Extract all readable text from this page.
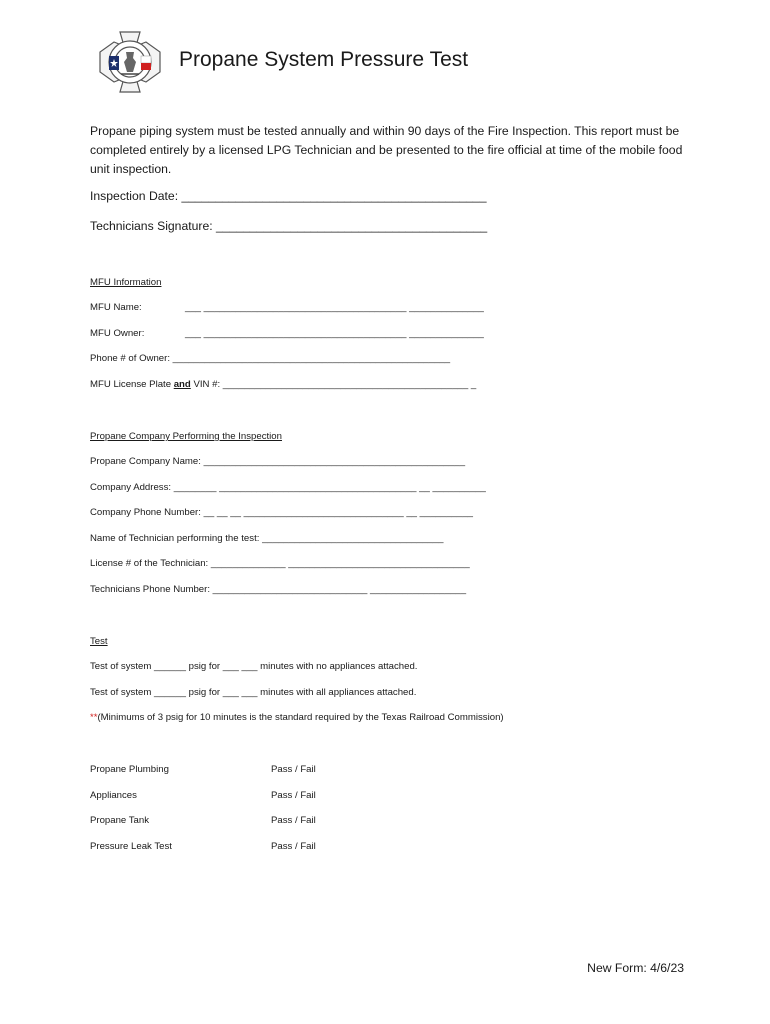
Propane System Pressure Test
Propane piping system must be tested annually and within 90 days of the Fire Inspection. This report must be completed entirely by a licensed LPG Technician and be presented to the fire official at time of the mobile food unit inspection.
Inspection Date: _____________________________________________
Technicians Signature: ________________________________________
MFU Information
MFU Name:	___ ______________________________________ ______________
MFU Owner:	___ ______________________________________ ______________
Phone # of Owner: ____________________________________________________
MFU License Plate and VIN #: ______________________________________________ _
Propane Company Performing the Inspection
Propane Company Name: _________________________________________________
Company Address: ________ _____________________________________ __ __________
Company Phone Number: __ __ __ ______________________________ __ __________
Name of Technician performing the test: __________________________________
License # of the Technician: ______________ __________________________________
Technicians Phone Number: _____________________________ __________________
Test
Test of system ______ psig for ___ ___ minutes with no appliances attached.
Test of system ______ psig for ___ ___ minutes with all appliances attached.
**(Minimums of 3 psig for 10 minutes is the standard required by the Texas Railroad Commission)
Propane Plumbing	Pass / Fail
Appliances	Pass / Fail
Propane Tank	Pass / Fail
Pressure Leak Test	Pass / Fail
New Form: 4/6/23
